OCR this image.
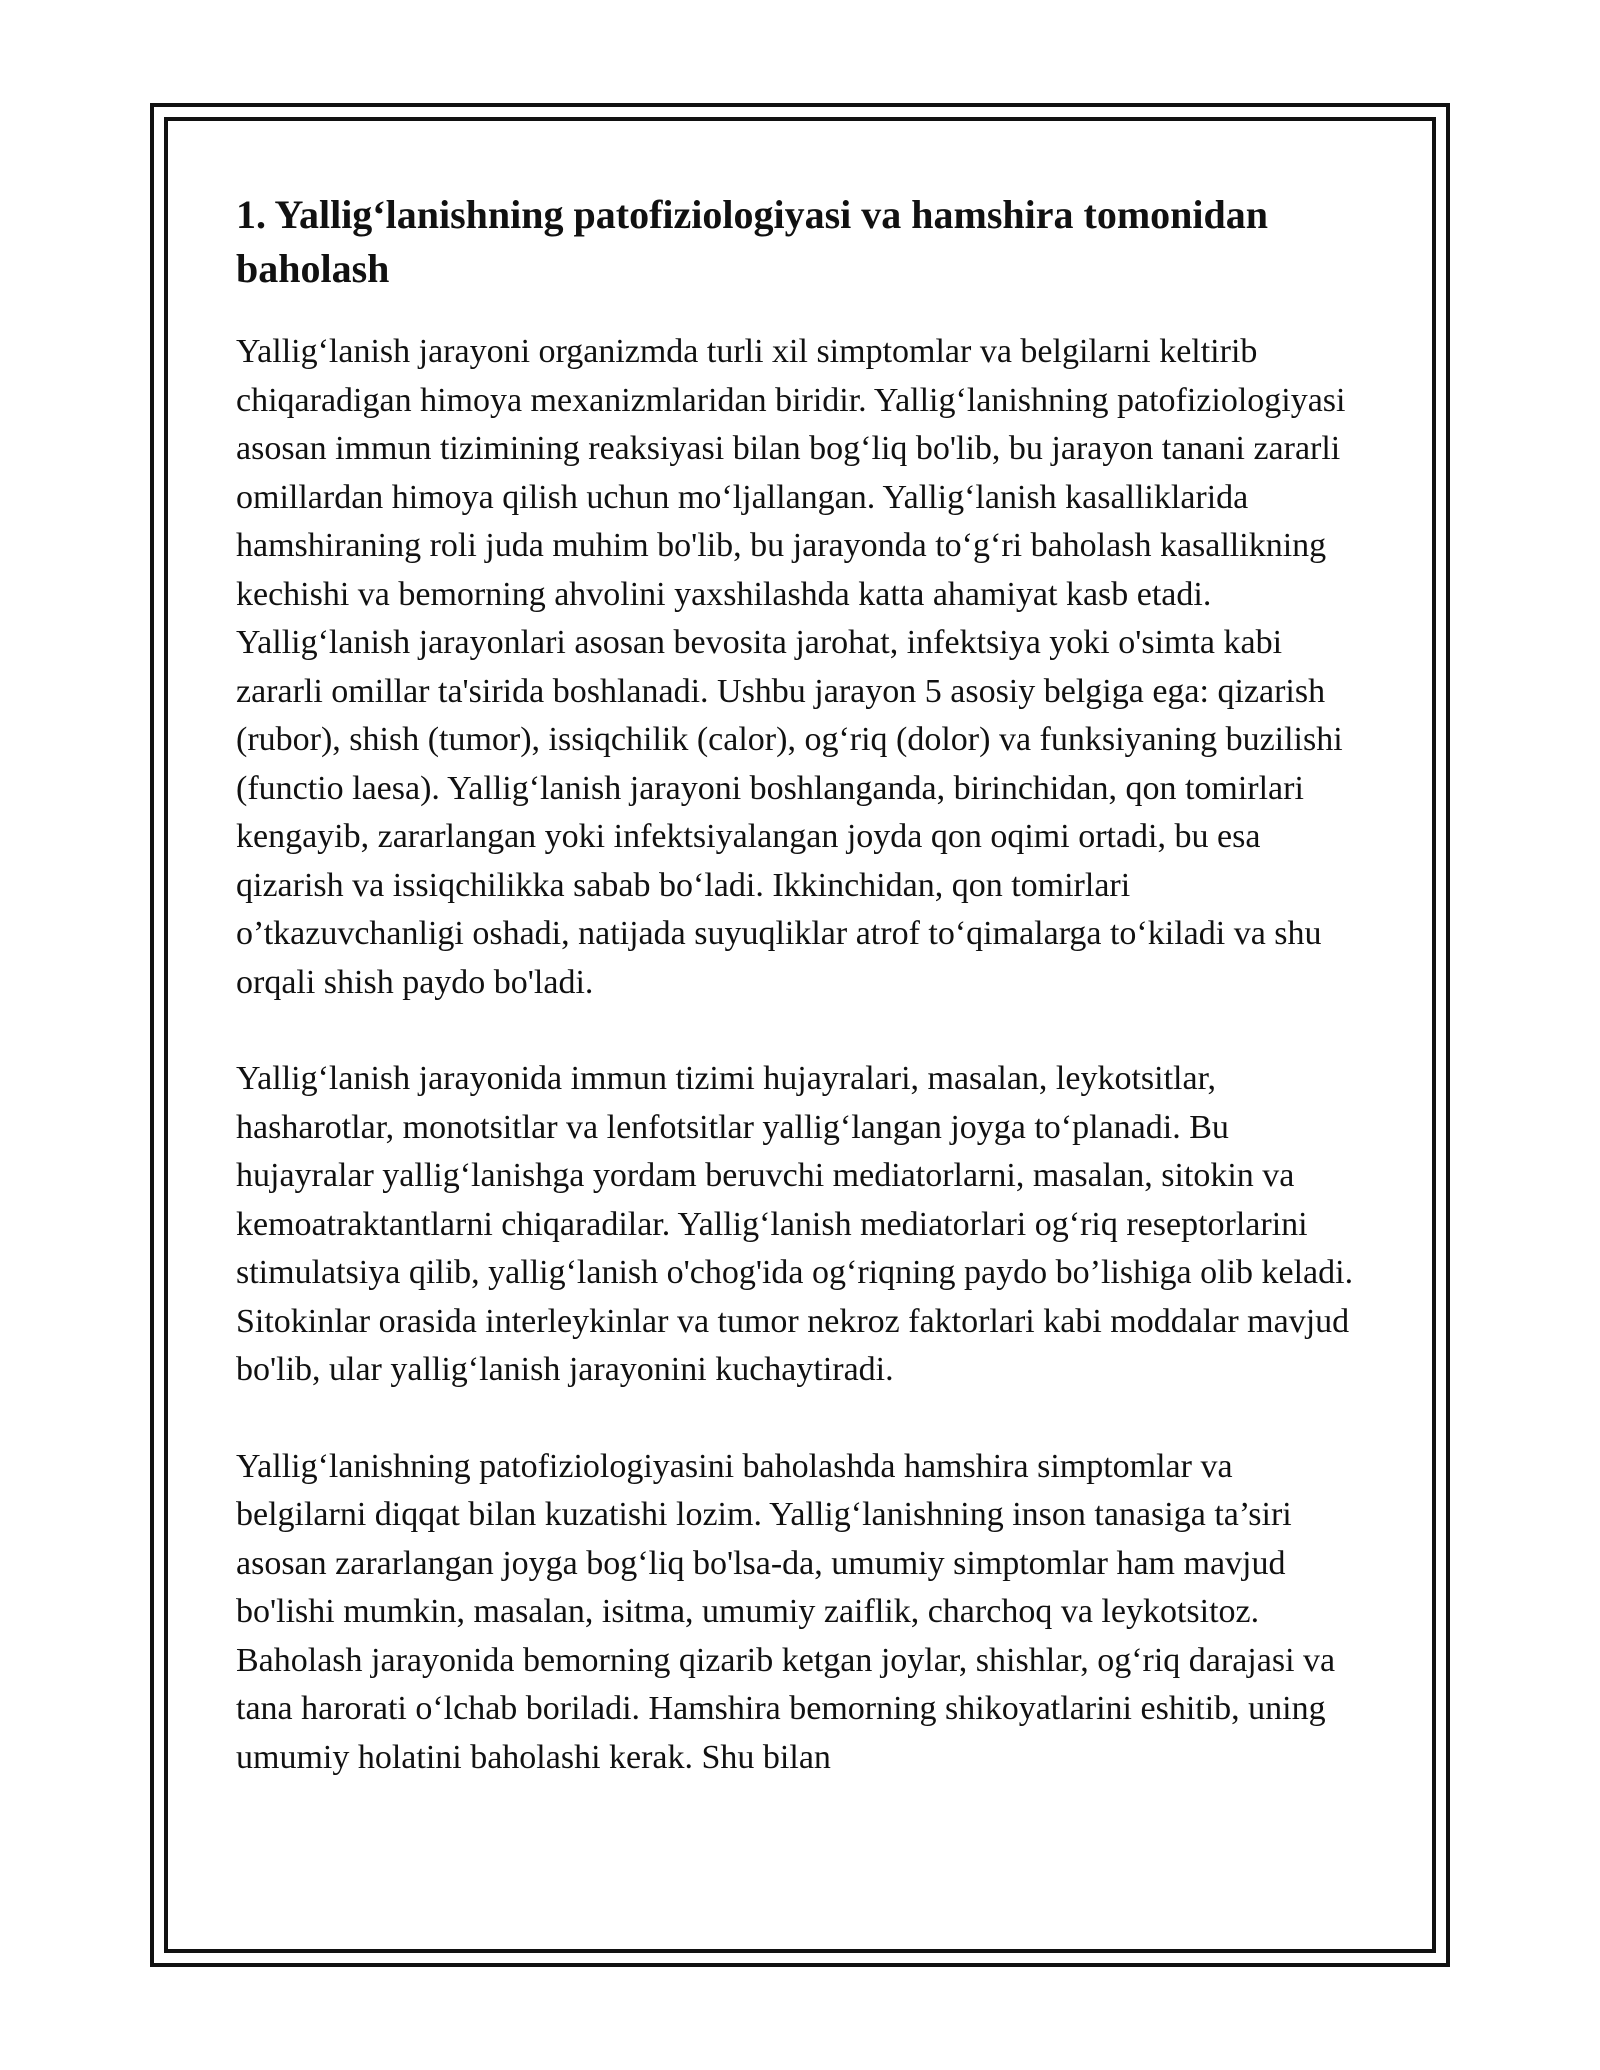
1. Yallig‘lanishning patofiziologiyasi va hamshira tomonidan baholash

Yallig‘lanish jarayoni organizmda turli xil simptomlar va belgilarni keltirib chiqaradigan himoya mexanizmlaridan biridir. Yallig‘lanishning patofiziologiyasi asosan immun tizimining reaksiyasi bilan bog‘liq bo'lib, bu jarayon tanani zararli omillardan himoya qilish uchun mo‘ljallangan. Yallig‘lanish kasalliklarida hamshiraning roli juda muhim bo'lib, bu jarayonda to‘g‘ri baholash kasallikning kechishi va bemorning ahvolini yaxshilashda katta ahamiyat kasb etadi. Yallig‘lanish jarayonlari asosan bevosita jarohat, infektsiya yoki o'simta kabi zararli omillar ta'sirida boshlanadi. Ushbu jarayon 5 asosiy belgiga ega: qizarish (rubor), shish (tumor), issiqchilik (calor), og‘riq (dolor) va funksiyaning buzilishi (functio laesa). Yallig‘lanish jarayoni boshlanganda, birinchidan, qon tomirlari kengayib, zararlangan yoki infektsiyalangan joyda qon oqimi ortadi, bu esa qizarish va issiqchilikka sabab bo‘ladi. Ikkinchidan, qon tomirlari o’tkazuvchanligi oshadi, natijada suyuqliklar atrof to‘qimalarga to‘kiladi va shu orqali shish paydo bo'ladi.

Yallig‘lanish jarayonida immun tizimi hujayralari, masalan, leykotsitlar, hasharotlar, monotsitlar va lenfotsitlar yallig‘langan joyga to‘planadi. Bu hujayralar yallig‘lanishga yordam beruvchi mediatorlarni, masalan, sitokin va kemoatraktantlarni chiqaradilar. Yallig‘lanish mediatorlari og‘riq reseptorlarini stimulatsiya qilib, yallig‘lanish o'chog'ida og‘riqning paydo bo’lishiga olib keladi. Sitokinlar orasida interleykinlar va tumor nekroz faktorlari kabi moddalar mavjud bo'lib, ular yallig‘lanish jarayonini kuchaytiradi.

Yallig‘lanishning patofiziologiyasini baholashda hamshira simptomlar va belgilarni diqqat bilan kuzatishi lozim. Yallig‘lanishning inson tanasiga ta’siri asosan zararlangan joyga bog‘liq bo'lsa-da, umumiy simptomlar ham mavjud bo'lishi mumkin, masalan, isitma, umumiy zaiflik, charchoq va leykotsitoz. Baholash jarayonida bemorning qizarib ketgan joylar, shishlar, og‘riq darajasi va tana harorati o‘lchab boriladi. Hamshira bemorning shikoyatlarini eshitib, uning umumiy holatini baholashi kerak. Shu bilan
